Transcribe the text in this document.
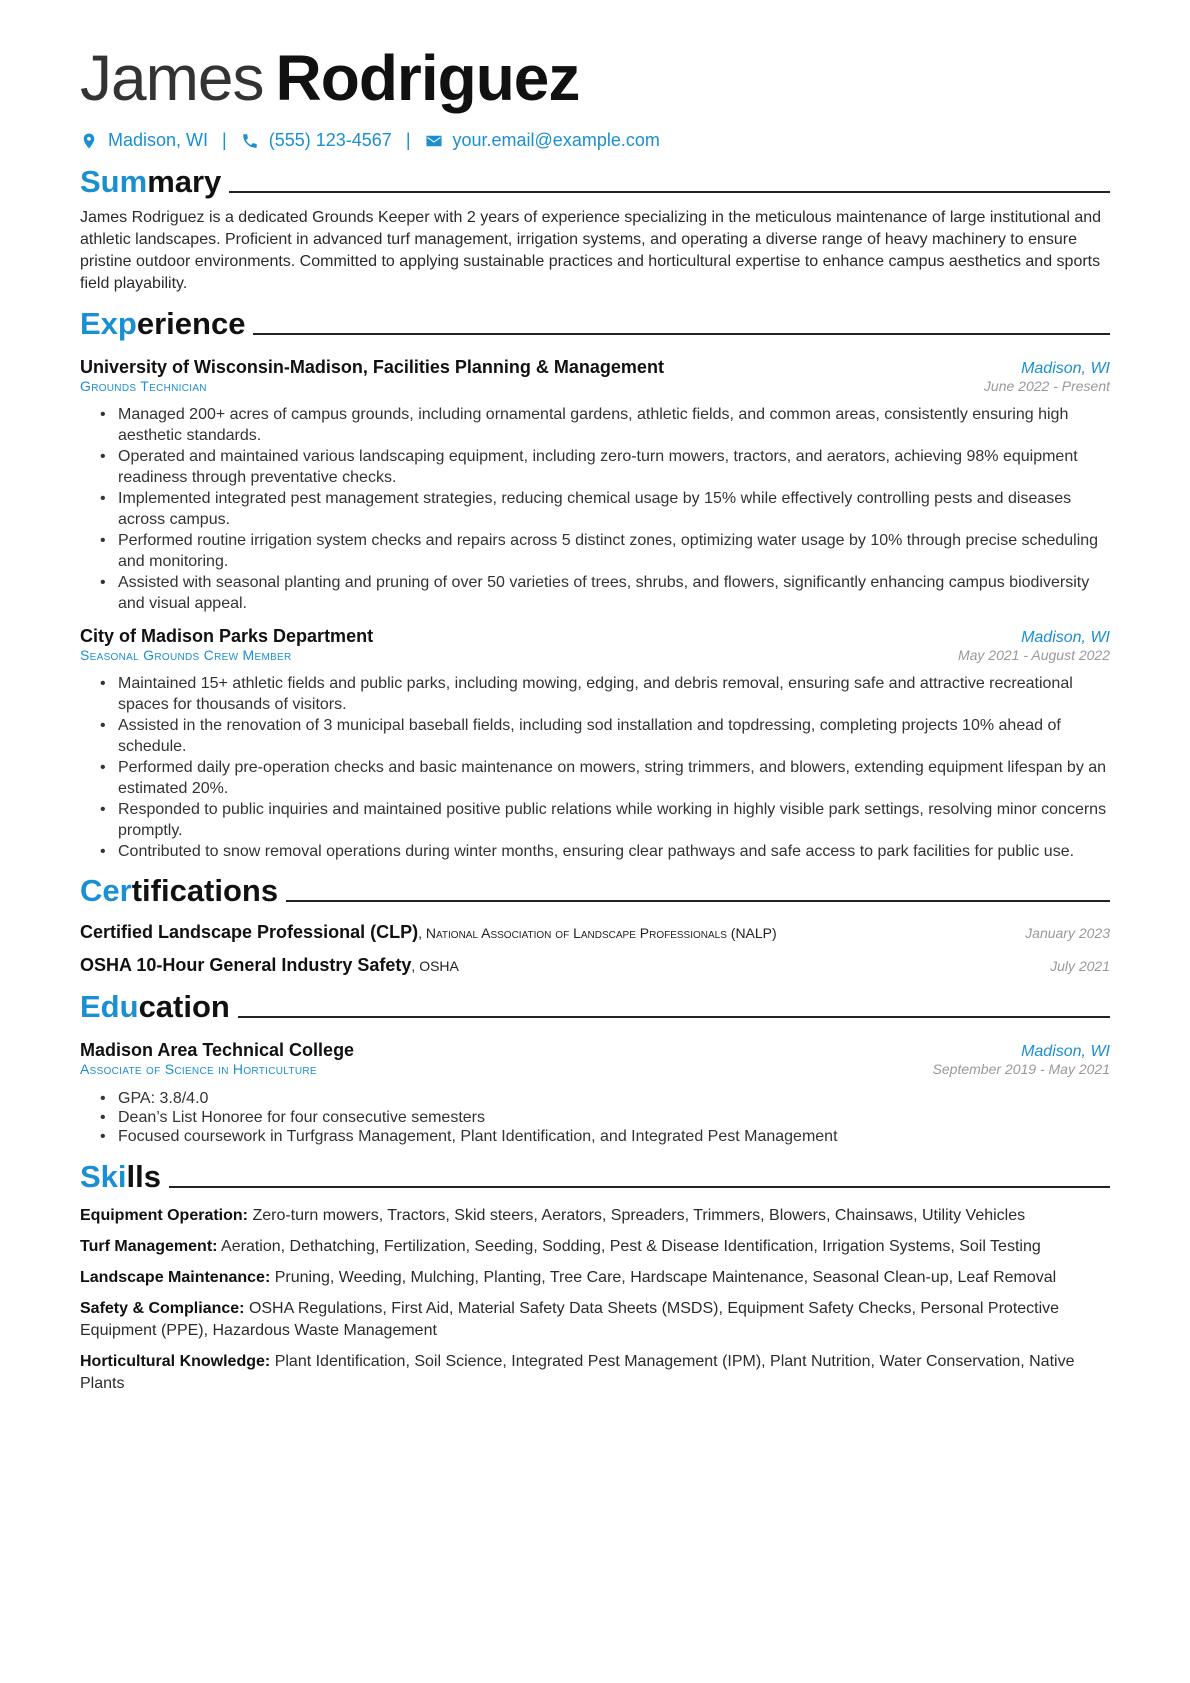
James Rodriguez
Madison, WI | (555) 123-4567 | your.email@example.com
Summary

James Rodriguez is a dedicated Grounds Keeper with 2 years of experience specializing in the meticulous maintenance of large institutional and athletic landscapes. Proficient in advanced turf management, irrigation systems, and operating a diverse range of heavy machinery to ensure pristine outdoor environments. Committed to applying sustainable practices and horticultural expertise to enhance campus aesthetics and sports field playability.

Experience
University of Wisconsin-Madison, Facilities Planning & Management	Madison, WI
Grounds Technician	June 2022 - Present
• Managed 200+ acres of campus grounds, including ornamental gardens, athletic fields, and common areas, consistently ensuring high aesthetic standards.
• Operated and maintained various landscaping equipment, including zero-turn mowers, tractors, and aerators, achieving 98% equipment readiness through preventative checks.
• Implemented integrated pest management strategies, reducing chemical usage by 15% while effectively controlling pests and diseases across campus.
• Performed routine irrigation system checks and repairs across 5 distinct zones, optimizing water usage by 10% through precise scheduling and monitoring.
• Assisted with seasonal planting and pruning of over 50 varieties of trees, shrubs, and flowers, significantly enhancing campus biodiversity and visual appeal.
City of Madison Parks Department	Madison, WI
Seasonal Grounds Crew Member	May 2021 - August 2022
• Maintained 15+ athletic fields and public parks, including mowing, edging, and debris removal, ensuring safe and attractive recreational spaces for thousands of visitors.
• Assisted in the renovation of 3 municipal baseball fields, including sod installation and topdressing, completing projects 10% ahead of schedule.
• Performed daily pre-operation checks and basic maintenance on mowers, string trimmers, and blowers, extending equipment lifespan by an estimated 20%.
• Responded to public inquiries and maintained positive public relations while working in highly visible park settings, resolving minor concerns promptly.
• Contributed to snow removal operations during winter months, ensuring clear pathways and safe access to park facilities for public use.
Certifications
Certified Landscape Professional (CLP), National Association of Landscape Professionals (NALP)	January 2023
OSHA 10-Hour General Industry Safety, OSHA	July 2021
Education
Madison Area Technical College	Madison, WI
Associate of Science in Horticulture	September 2019 - May 2021
• GPA: 3.8/4.0
• Dean’s List Honoree for four consecutive semesters
• Focused coursework in Turfgrass Management, Plant Identification, and Integrated Pest Management
Skills
Equipment Operation: Zero-turn mowers, Tractors, Skid steers, Aerators, Spreaders, Trimmers, Blowers, Chainsaws, Utility Vehicles
Turf Management: Aeration, Dethatching, Fertilization, Seeding, Sodding, Pest & Disease Identification, Irrigation Systems, Soil Testing
Landscape Maintenance: Pruning, Weeding, Mulching, Planting, Tree Care, Hardscape Maintenance, Seasonal Clean-up, Leaf Removal
Safety & Compliance: OSHA Regulations, First Aid, Material Safety Data Sheets (MSDS), Equipment Safety Checks, Personal Protective Equipment (PPE), Hazardous Waste Management
Horticultural Knowledge: Plant Identification, Soil Science, Integrated Pest Management (IPM), Plant Nutrition, Water Conservation, Native Plants
